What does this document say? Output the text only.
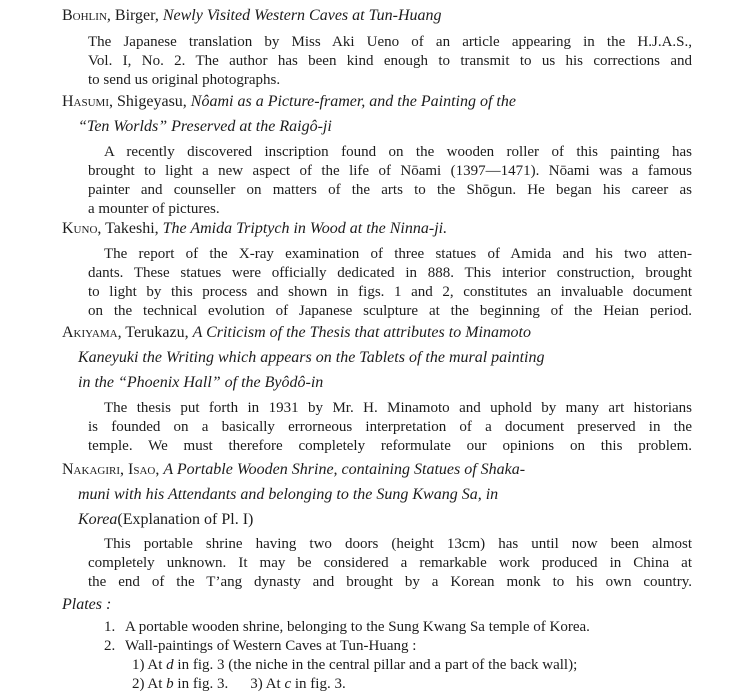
Bohlin, Birger, Newly Visited Western Caves at Tun-Huang
The Japanese translation by Miss Aki Ueno of an article appearing in the H.J.A.S.,
Vol. I, No. 2. The author has been kind enough to transmit to us his corrections and
to send us original photographs.
Hasumi, Shigeyasu, Nôami as a Picture-framer, and the Painting of the
“Ten Worlds” Preserved at the Raigô-ji
A recently discovered inscription found on the wooden roller of this painting has
brought to light a new aspect of the life of Nōami (1397—1471). Nōami was a famous
painter and counseller on matters of the arts to the Shōgun. He began his career as
a mounter of pictures.
Kuno, Takeshi, The Amida Triptych in Wood at the Ninna-ji.
The report of the X-ray examination of three statues of Amida and his two atten-
dants. These statues were officially dedicated in 888. This interior construction, brought
to light by this process and shown in figs. 1 and 2, constitutes an invaluable document
on the technical evolution of Japanese sculpture at the beginning of the Heian period.
Akiyama, Terukazu, A Criticism of the Thesis that attributes to Minamoto
Kaneyuki the Writing which appears on the Tablets of the mural painting
in the “Phoenix Hall” of the Byôdô-in
The thesis put forth in 1931 by Mr. H. Minamoto and uphold by many art historians
is founded on a basically errorneous interpretation of a document preserved in the
temple. We must therefore completely reformulate our opinions on this problem.
Nakagiri, Isao, A Portable Wooden Shrine, containing Statues of Shaka-
muni with his Attendants and belonging to the Sung Kwang Sa, in
Korea(Explanation of Pl. I)
This portable shrine having two doors (height 13cm) has until now been almost
completely unknown. It may be considered a remarkable work produced in China at
the end of the T’ang dynasty and brought by a Korean monk to his own country.
Plates :
1. A portable wooden shrine, belonging to the Sung Kwang Sa temple of Korea.
2. Wall-paintings of Western Caves at Tun-Huang :
1) At d in fig. 3 (the niche in the central pillar and a part of the back wall);
2) At b in fig. 3. 3) At c in fig. 3.
